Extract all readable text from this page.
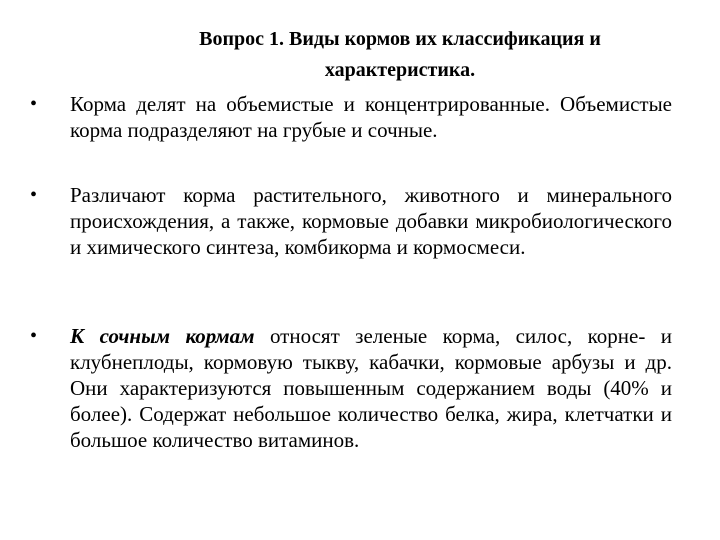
Вопрос 1. Виды кормов их классификация и
характеристика.
•	Корма делят на объемистые и концентрированные. Объемистые корма подразделяют на грубые и сочные.
•	Различают корма растительного, животного и минерального происхождения, а также, кормовые добавки микробиологического и химического синтеза, комбикорма и кормосмеси.
•	К сочным кормам относят зеленые корма, силос, корне- и клубнеплоды, кормовую тыкву, кабачки, кормовые арбузы и др. Они характеризуются повышенным содержанием воды (40% и более). Содержат небольшое количество белка, жира, клетчатки и большое количество витаминов.
